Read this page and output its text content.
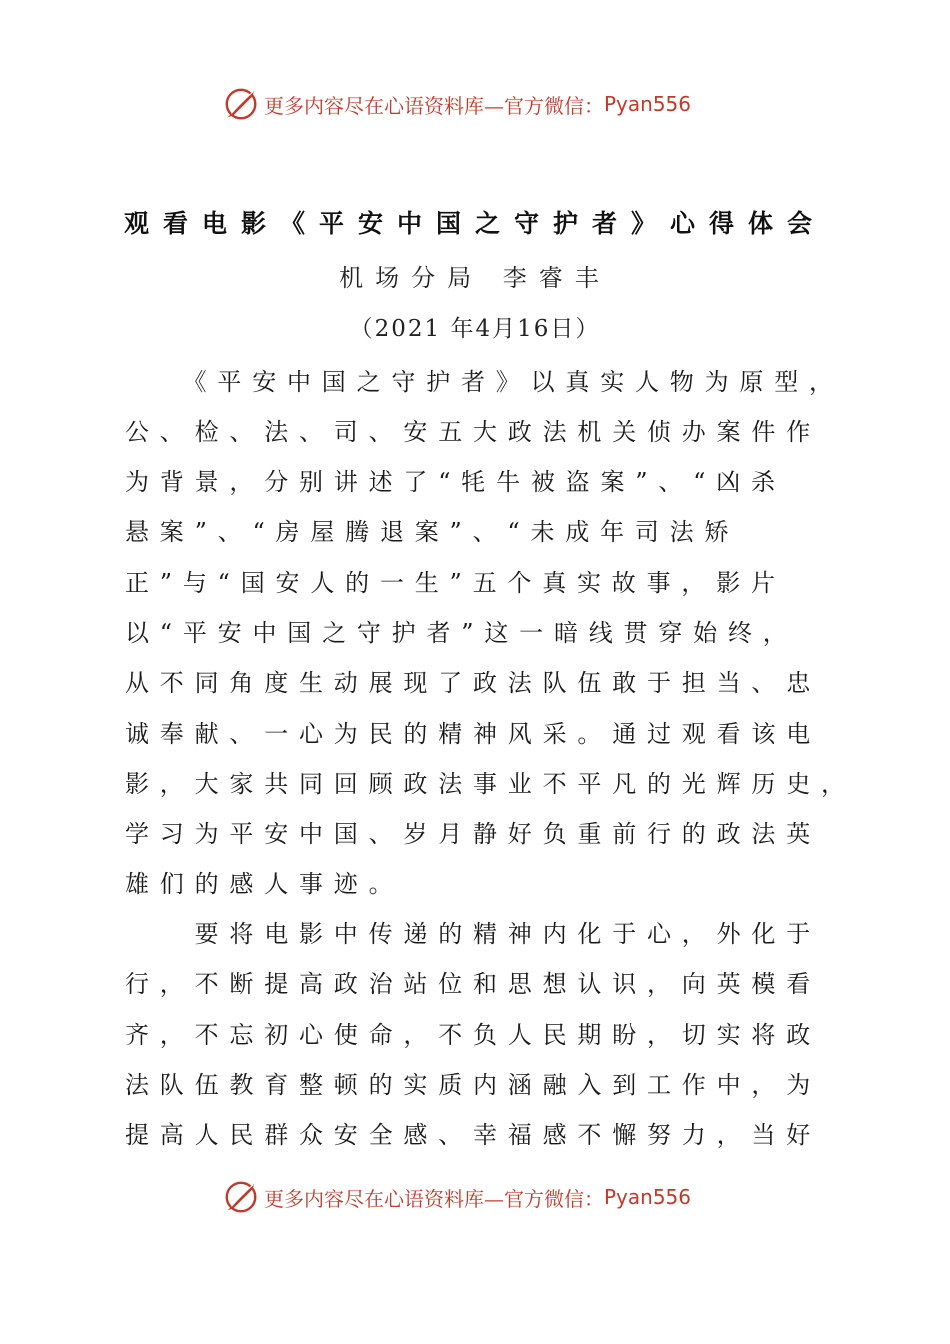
更多内容尽在心语资料库—官方微信： Pyan556
观看电影《平安中国之守护者》心得体会
机场分局 李睿丰
（2021 年4月16日）
　　《平安中国之守护者》以真实人物为原型，
公、检、法、司、安五大政法机关侦办案件作
为背景，分别讲述了“牦牛被盗案”、“凶杀
悬案”、“房屋腾退案”、“未成年司法矫
正”与“国安人的一生”五个真实故事，影片
以“平安中国之守护者”这一暗线贯穿始终，
从不同角度生动展现了政法队伍敢于担当、忠
诚奉献、一心为民的精神风采。通过观看该电
影，大家共同回顾政法事业不平凡的光辉历史，
学习为平安中国、岁月静好负重前行的政法英
雄们的感人事迹。
　　要将电影中传递的精神内化于心，外化于
行，不断提高政治站位和思想认识，向英模看
齐，不忘初心使命，不负人民期盼，切实将政
法队伍教育整顿的实质内涵融入到工作中，为
提高人民群众安全感、幸福感不懈努力，当好
更多内容尽在心语资料库—官方微信： Pyan556
